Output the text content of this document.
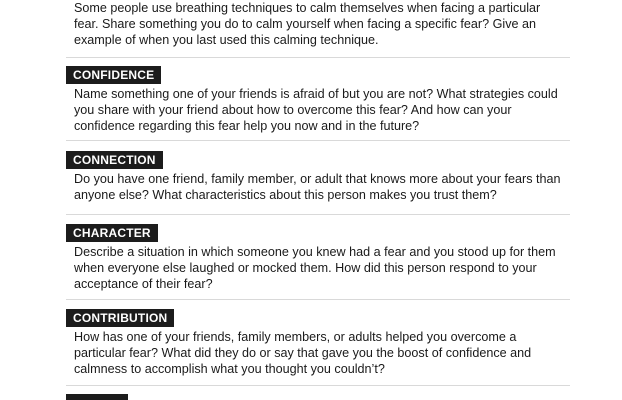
Some people use breathing techniques to calm themselves when facing a particular fear. Share something you do to calm yourself when facing a specific fear? Give an example of when you last used this calming technique.
CONFIDENCE
Name something one of your friends is afraid of but you are not? What strategies could you share with your friend about how to overcome this fear? And how can your confidence regarding this fear help you now and in the future?
CONNECTION
Do you have one friend, family member, or adult that knows more about your fears than anyone else? What characteristics about this person makes you trust them?
CHARACTER
Describe a situation in which someone you knew had a fear and you stood up for them when everyone else laughed or mocked them. How did this person respond to your acceptance of their fear?
CONTRIBUTION
How has one of your friends, family members, or adults helped you overcome a particular fear? What did they do or say that gave you the boost of confidence and calmness to accomplish what you thought you couldn’t?
